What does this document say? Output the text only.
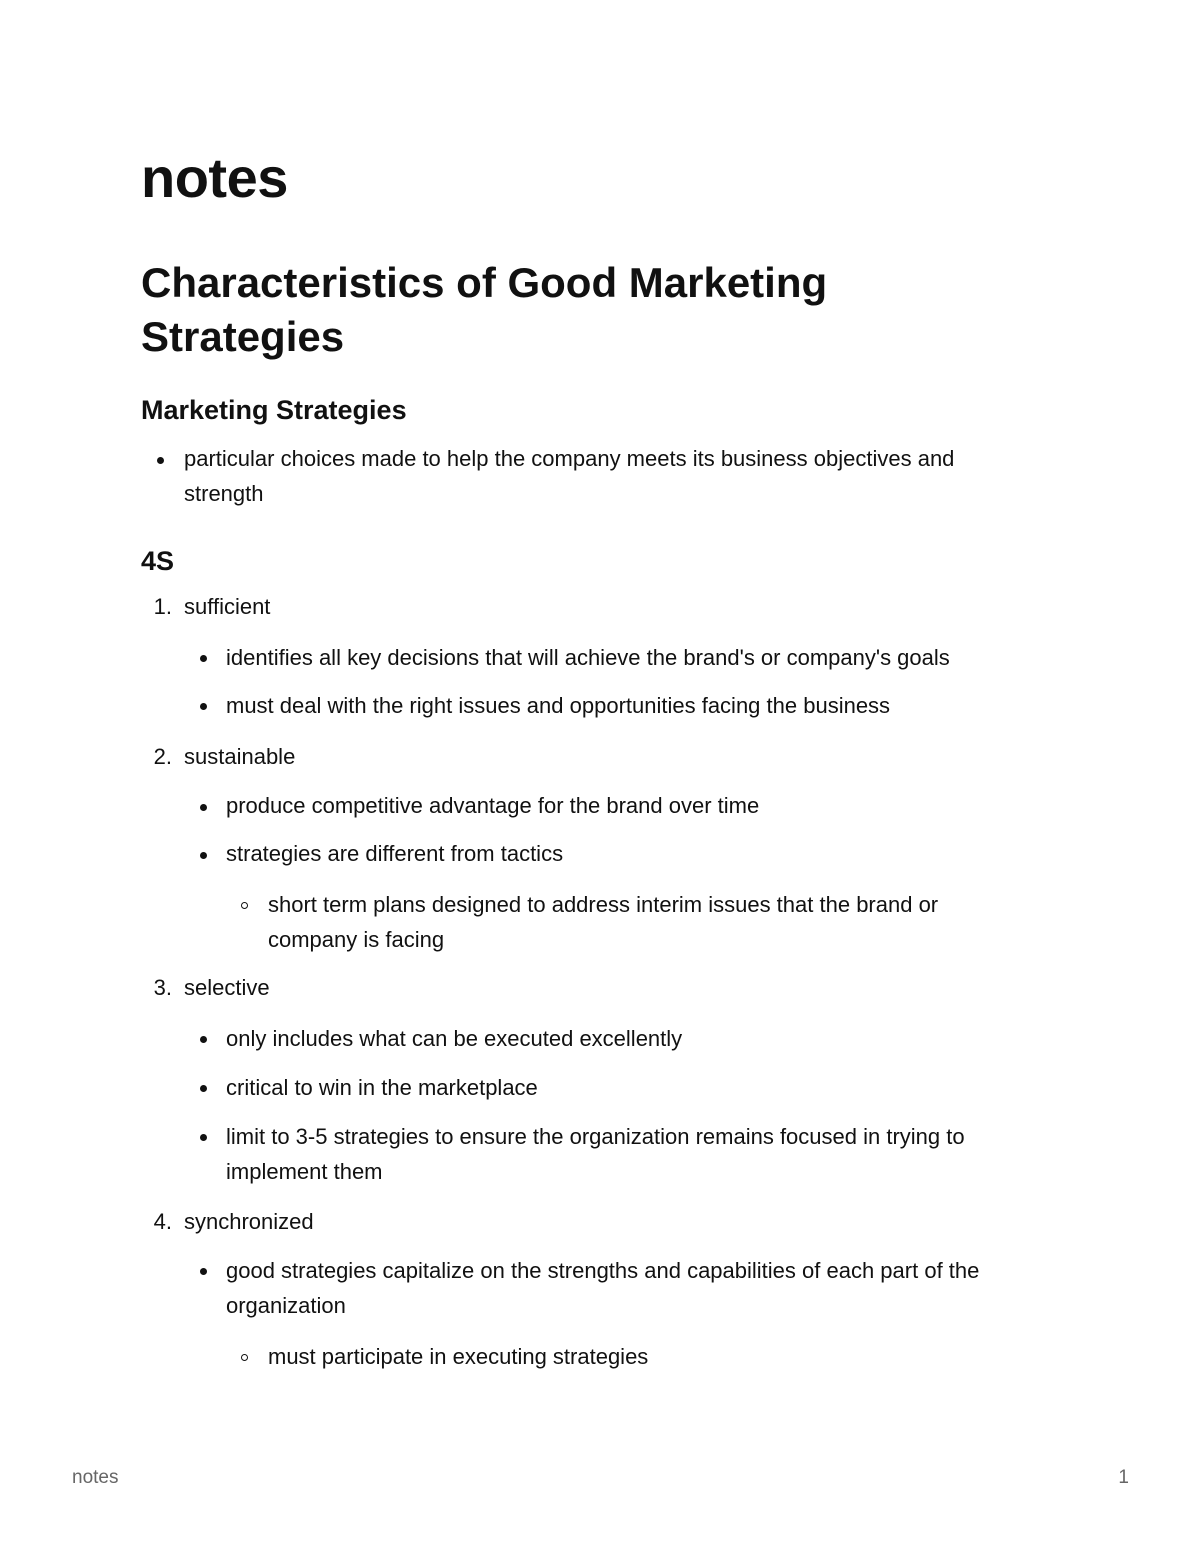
notes
Characteristics of Good Marketing Strategies
Marketing Strategies

particular choices made to help the company meets its business objectives and strength

4S
1. sufficient

identifies all key decisions that will achieve the brand's or company's goals

must deal with the right issues and opportunities facing the business

2. sustainable

produce competitive advantage for the brand over time

strategies are different from tactics

short term plans designed to address interim issues that the brand or company is facing

3. selective

only includes what can be executed excellently

critical to win in the marketplace

limit to 3-5 strategies to ensure the organization remains focused in trying to implement them

4. synchronized

good strategies capitalize on the strengths and capabilities of each part of the organization

must participate in executing strategies

notes	1
